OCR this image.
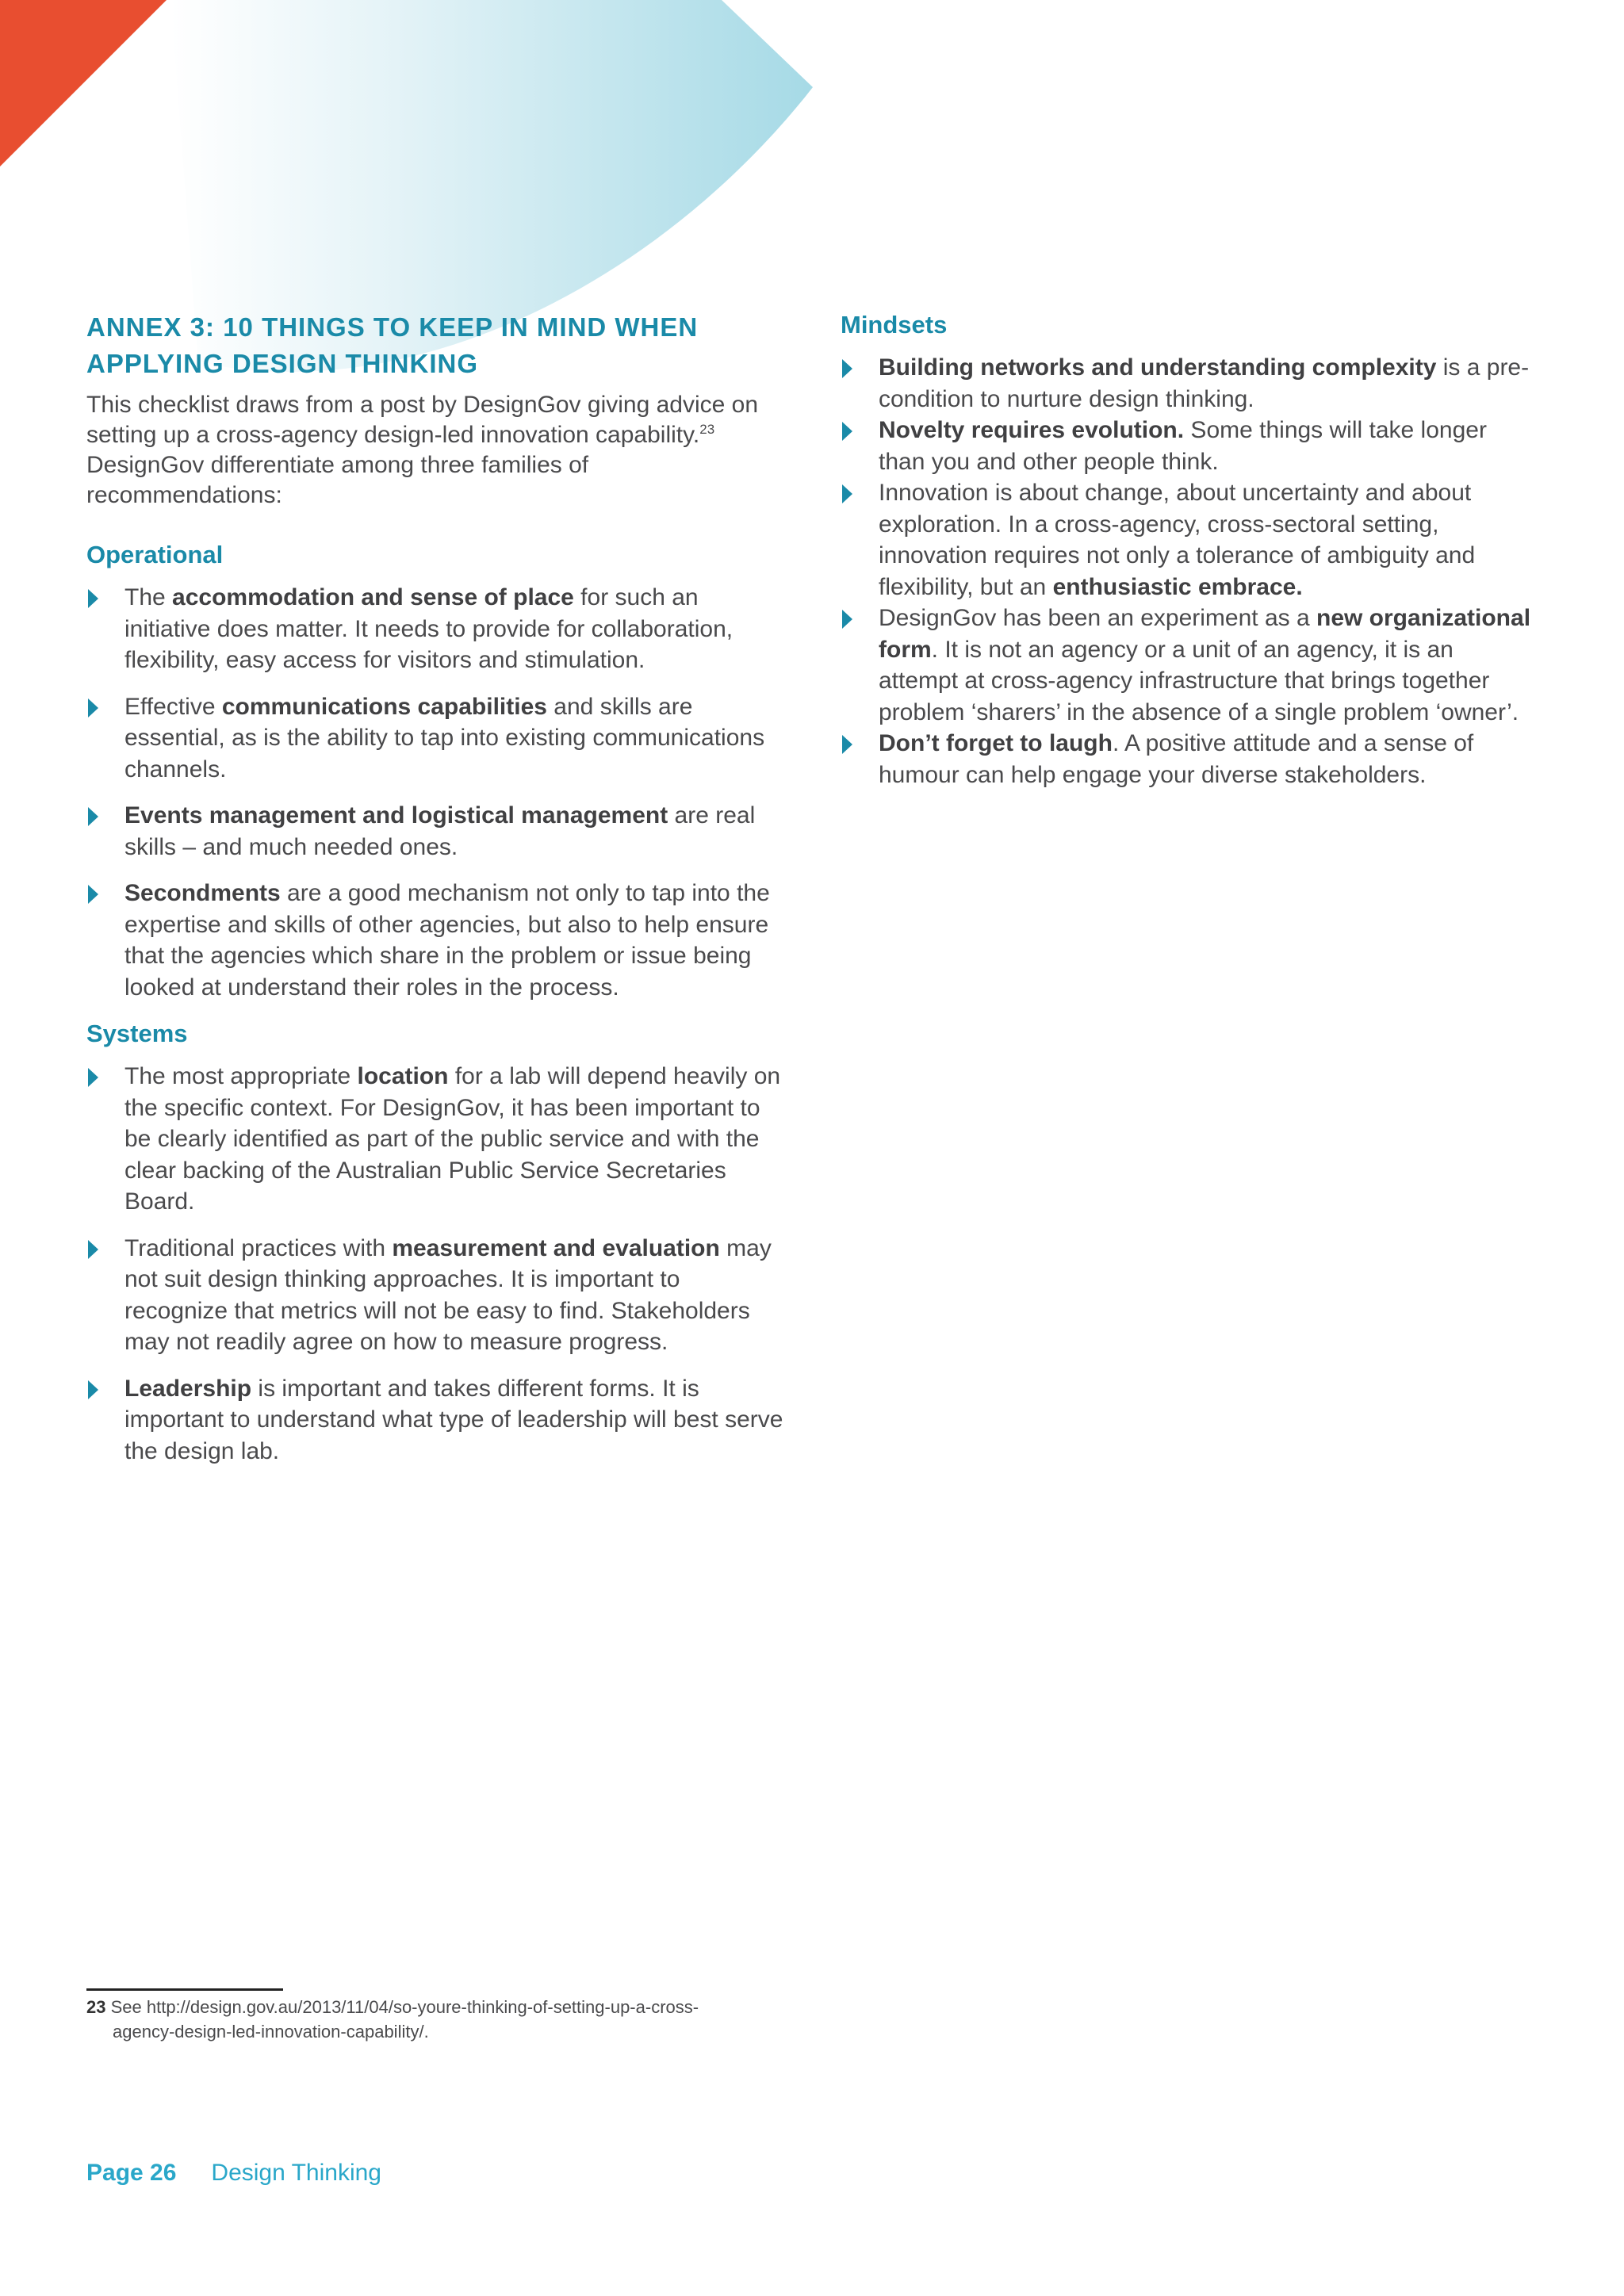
ANNEX 3: 10 THINGS TO KEEP IN MIND WHEN
APPLYING DESIGN THINKING

This checklist draws from a post by DesignGov giving advice on setting up a cross-agency design-led innovation capability.$^{23}$ DesignGov differentiate among three families of recommendations:

Operational
The accommodation and sense of place for such an initiative does matter. It needs to provide for collaboration, flexibility, easy access for visitors and stimulation.
Effective communications capabilities and skills are essential, as is the ability to tap into existing communications channels.
Events management and logistical management are real skills – and much needed ones.
Secondments are a good mechanism not only to tap into the expertise and skills of other agencies, but also to help ensure that the agencies which share in the problem or issue being looked at understand their roles in the process.
Systems
The most appropriate location for a lab will depend heavily on the specific context. For DesignGov, it has been important to be clearly identified as part of the public service and with the clear backing of the Australian Public Service Secretaries Board.
Traditional practices with measurement and evaluation may not suit design thinking approaches. It is important to recognize that metrics will not be easy to find. Stakeholders may not readily agree on how to measure progress.
Leadership is important and takes different forms. It is important to understand what type of leadership will best serve the design lab.
Mindsets
Building networks and understanding complexity is a pre-condition to nurture design thinking.
Novelty requires evolution. Some things will take longer than you and other people think.
Innovation is about change, about uncertainty and about exploration. In a cross-agency, cross-sectoral setting, innovation requires not only a tolerance of ambiguity and flexibility, but an enthusiastic embrace.
DesignGov has been an experiment as a new organizational form. It is not an agency or a unit of an agency, it is an attempt at cross-agency infrastructure that brings together problem ‘sharers’ in the absence of a single problem ‘owner’.
Don’t forget to laugh. A positive attitude and a sense of humour can help engage your diverse stakeholders.
23 See http://design.gov.au/2013/11/04/so-youre-thinking-of-setting-up-a-cross-
agency-design-led-innovation-capability/.
Page 26 Design Thinking
